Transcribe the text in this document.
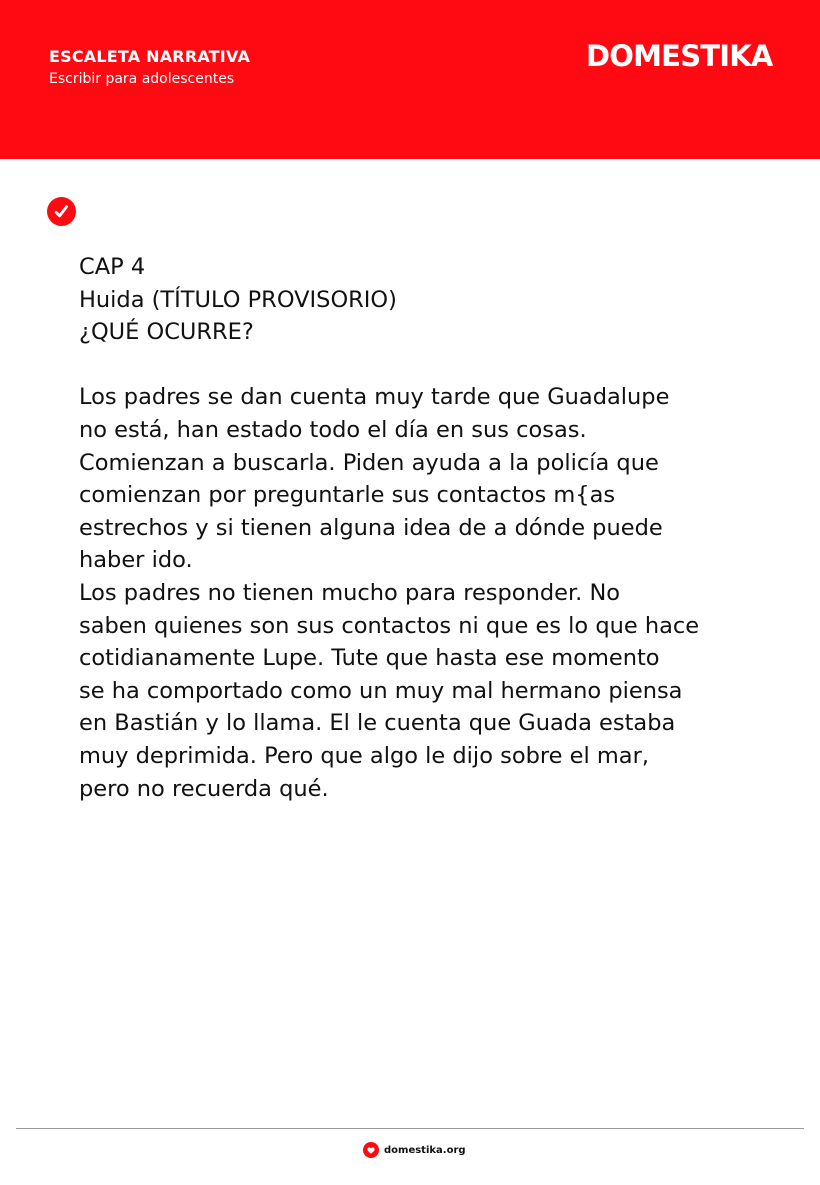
ESCALETA NARRATIVA
Escribir para adolescentes
DOMESTIKA

CAP 4

Huida (TÍTULO PROVISORIO)

¿QUÉ OCURRE?

Los padres se dan cuenta muy tarde que Guadalupe

no está, han estado todo el día en sus cosas.

Comienzan a buscarla. Piden ayuda a la policía que

comienzan por preguntarle sus contactos m{as

estrechos y si tienen alguna idea de a dónde puede

haber ido.

Los padres no tienen mucho para responder. No

saben quienes son sus contactos ni que es lo que hace

cotidianamente Lupe. Tute que hasta ese momento

se ha comportado como un muy mal hermano piensa

en Bastián y lo llama. El le cuenta que Guada estaba

muy deprimida. Pero que algo le dijo sobre el mar,

pero no recuerda qué.

domestika.org
